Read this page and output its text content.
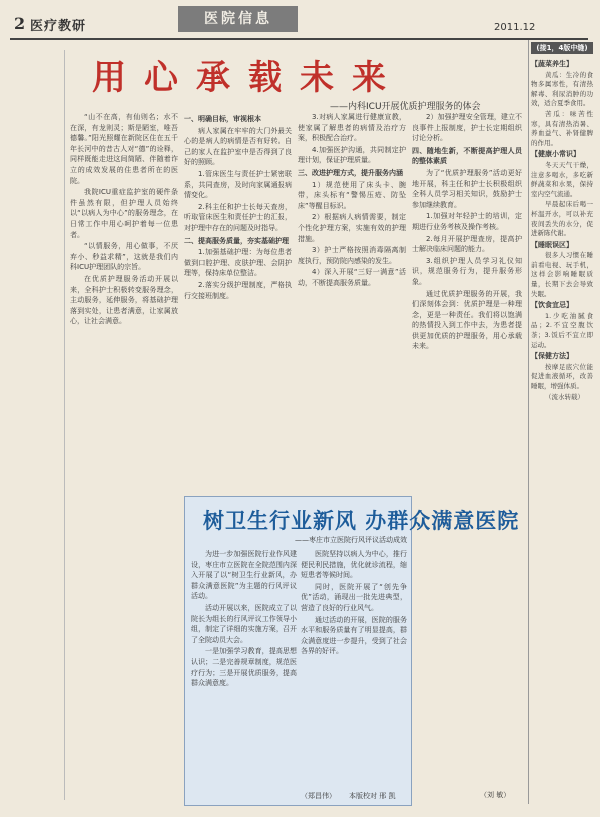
2 医疗教研	医院信息
2011.12
用心承载未来
——内科ICU开展优质护理服务的体会

“山不在高，有仙则名；水不在深，有龙则灵；斯是陋室，唯吾德馨。”阳光照耀在新院区住在五千年长河中的昔古人对“德”的诠释，同样既能走进这间简陋、伴随着诈立的成效发展的住患者所在的医院。

我院ICU重症监护室的硬件条件虽然有限，但护理人员始终以“以病人为中心”的服务理念，在日常工作中用心呵护着每一位患者。

“以情服务，用心做事，不厌弃小、秒益求精”，这就是我们内科ICU护理团队的宗旨。

在优质护理服务活动开展以来，全科护士积极转变服务理念，主动服务，延伸服务，将基础护理落到实处，让患者满意，让家属放心，让社会满意。

一、明确目标，审视根本

病人家属在牢牢的大门外最关心的是病人的病情是否有好转。自己的家人在监护室中是否得到了良好的照顾。

1.管床医生与责任护士紧密联系，共同查房，及时向家属通报病情变化。

2.科主任和护士长每天查房，听取管床医生和责任护士的汇报，对护理中存在的问题及时指导。

二、提高服务质量，夯实基础护理

1.加强基础护理：为每位患者做到口腔护理、皮肤护理、会阴护理等，保持床单位整洁。

2.落实分级护理制度，严格执行交接班制度。

3.对病人家属进行健康宣教，使家属了解患者的病情及治疗方案，积极配合治疗。

4.加强医护沟通，共同制定护理计划，保证护理质量。

三、改进护理方式，提升服务内涵

1）规范使用了床头卡、腕带，床头标有“警惕压疮、防坠床”等醒目标识。

2）根据病人病情需要，制定个性化护理方案，实施有效的护理措施。

3）护士严格按照消毒隔离制度执行，预防院内感染的发生。

4）深入开展“三好一满意”活动，不断提高服务质量。

2）加强护理安全管理，建立不良事件上报制度，护士长定期组织讨论分析。

四、随地生新，不断提高护理人员的整体素质

为了“优质护理服务”活动更好地开展，科主任和护士长积极组织全科人员学习相关知识，鼓励护士参加继续教育。

1.加强对年轻护士的培训，定期进行业务考核及操作考核。

2.每月开展护理查房，提高护士解决临床问题的能力。

3.组织护理人员学习礼仪知识，规范服务行为，提升服务形象。

通过优质护理服务的开展，我们深刻体会到：优质护理是一种理念，更是一种责任。我们将以饱满的热情投入到工作中去，为患者提供更加优质的护理服务，用心承载未来。

（刘 敏）
树卫生行业新风 办群众满意医院
——枣庄市立医院行风评议活动成效

为进一步加强医院行业作风建设，枣庄市立医院在全院范围内深入开展了以“树卫生行业新风，办群众满意医院”为主题的行风评议活动。

活动开展以来，医院成立了以院长为组长的行风评议工作领导小组，制定了详细的实施方案，召开了全院动员大会。

一是加强学习教育，提高思想认识；二是完善规章制度，规范医疗行为；三是开展优质服务，提高群众满意度。

医院坚持以病人为中心，推行便民利民措施，优化就诊流程，缩短患者等候时间。

同时，医院开展了“创先争优”活动，涌现出一批先进典型，营造了良好的行业风气。

通过活动的开展，医院的服务水平和服务质量有了明显提高，群众满意度进一步提升，受到了社会各界的好评。

（郑昌伟） 本版校对 邢 凯
(接1，4版中缝)

【蔬菜养生】

黄瓜：生冷的食物多属寒性，有清热解毒、利尿消肿的功效，适合夏季食用。

苦瓜：味苦性寒，具有清热消暑、养血益气、补肾健脾的作用。

【健康小常识】

冬天天气干燥，注意多喝水，多吃新鲜蔬菜和水果，保持室内空气流通。

早晨起床后喝一杯温开水，可以补充夜间丢失的水分，促进新陈代谢。

【睡眠误区】

很多人习惯在睡前看电视、玩手机，这样会影响睡眠质量，长期下去会导致失眠。

【饮食宜忌】

1.少吃油腻食品；2.不宜空腹饮茶；3.饭后不宜立即运动。

【保健方法】

按摩足底穴位能促进血液循环，改善睡眠，增强体质。

（流水转载）
